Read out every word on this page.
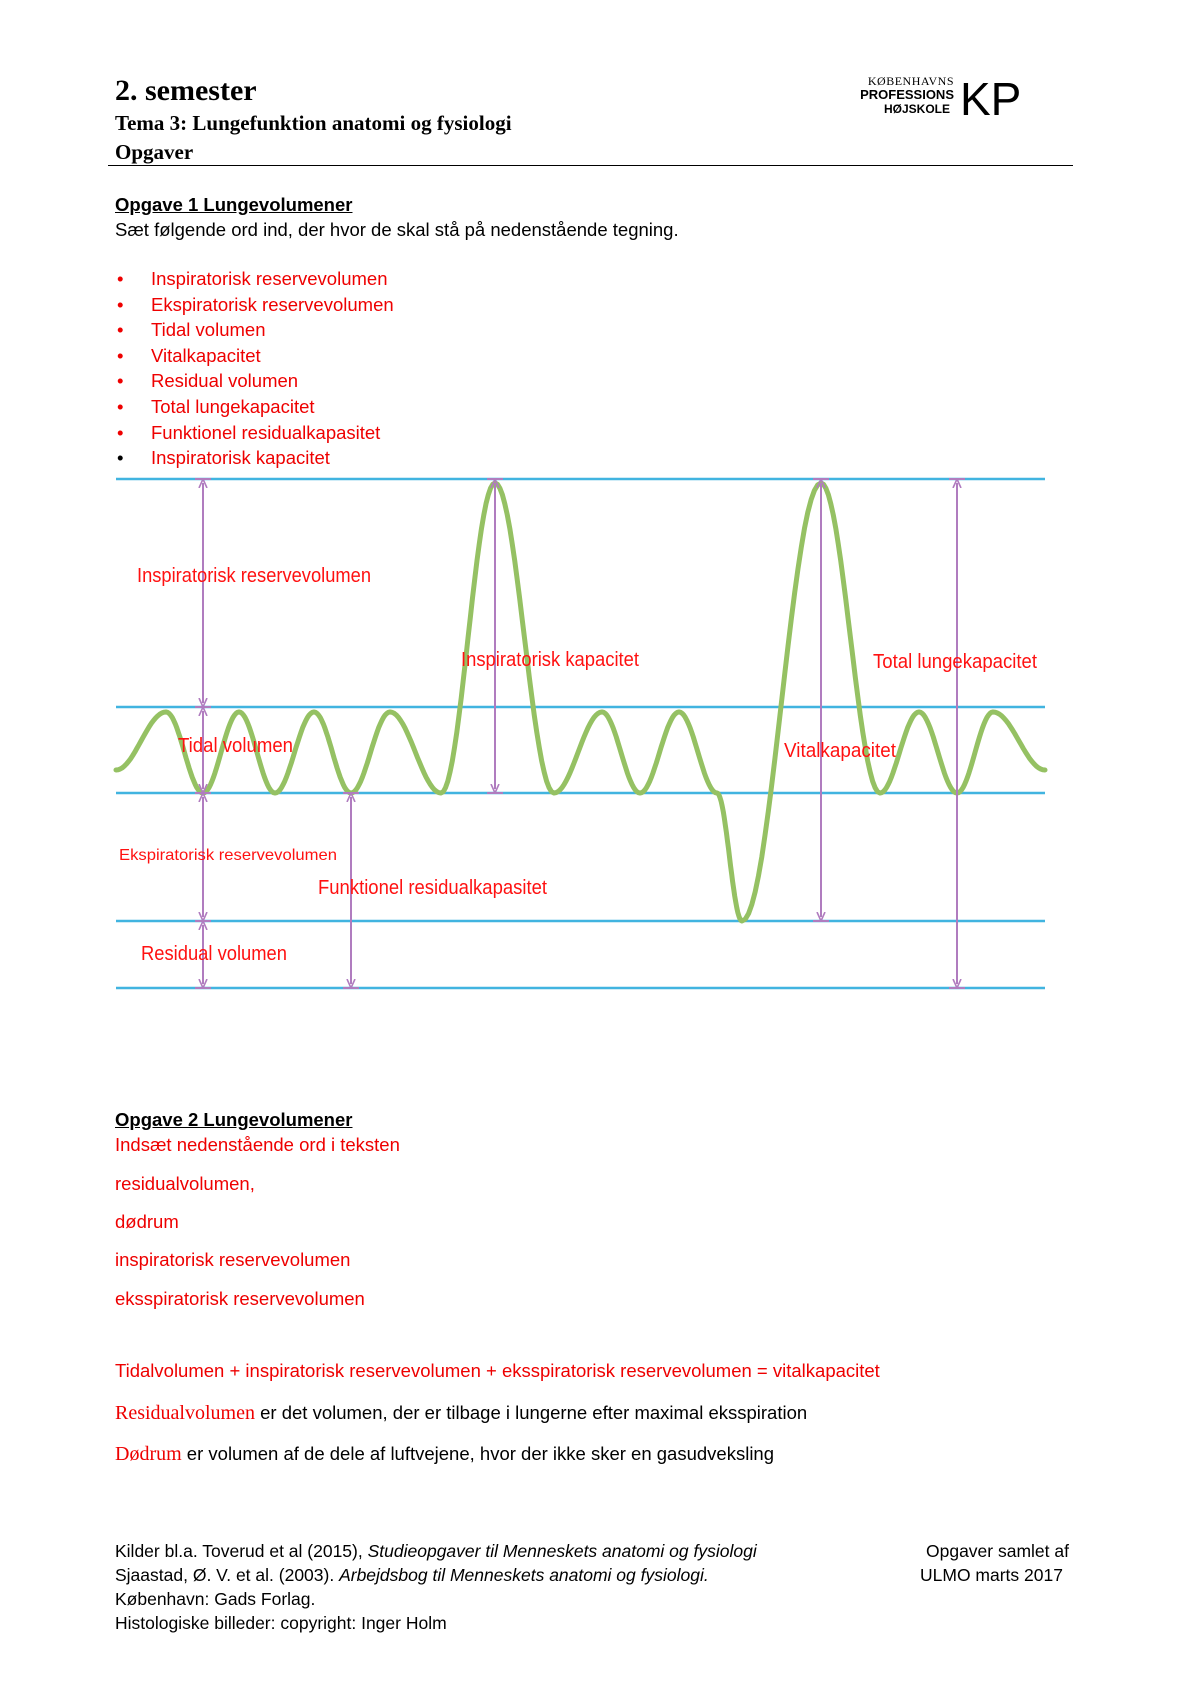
2. semester
Tema 3: Lungefunktion anatomi og fysiologi
Opgaver
KØBENHAVNS
PROFESSIONS
HØJSKOLE KP
Opgave 1 Lungevolumener
Sæt følgende ord ind, der hvor de skal stå på nedenstående tegning.
• Inspiratorisk reservevolumen
• Ekspiratorisk reservevolumen
• Tidal volumen
• Vitalkapacitet
• Residual volumen
• Total lungekapacitet
• Funktionel residualkapasitet
• Inspiratorisk kapacitet
Inspiratorisk reservevolumen
Tidal volumen
Ekspiratorisk reservevolumen
Residual volumen
Funktionel residualkapasitet
Inspiratorisk kapacitet
Vitalkapacitet
Total lungekapacitet
Opgave 2 Lungevolumener
Indsæt nedenstående ord i teksten
residualvolumen,
dødrum
inspiratorisk reservevolumen
eksspiratorisk reservevolumen
Tidalvolumen + inspiratorisk reservevolumen + eksspiratorisk reservevolumen = vitalkapacitet
Residualvolumen er det volumen, der er tilbage i lungerne efter maximal eksspiration
Dødrum er volumen af de dele af luftvejene, hvor der ikke sker en gasudveksling
Kilder bl.a. Toverud et al (2015), Studieopgaver til Menneskets anatomi og fysiologi
Sjaastad, Ø. V. et al. (2003). Arbejdsbog til Menneskets anatomi og fysiologi.
København: Gads Forlag.
Histologiske billeder: copyright: Inger Holm
Opgaver samlet af
ULMO marts 2017
